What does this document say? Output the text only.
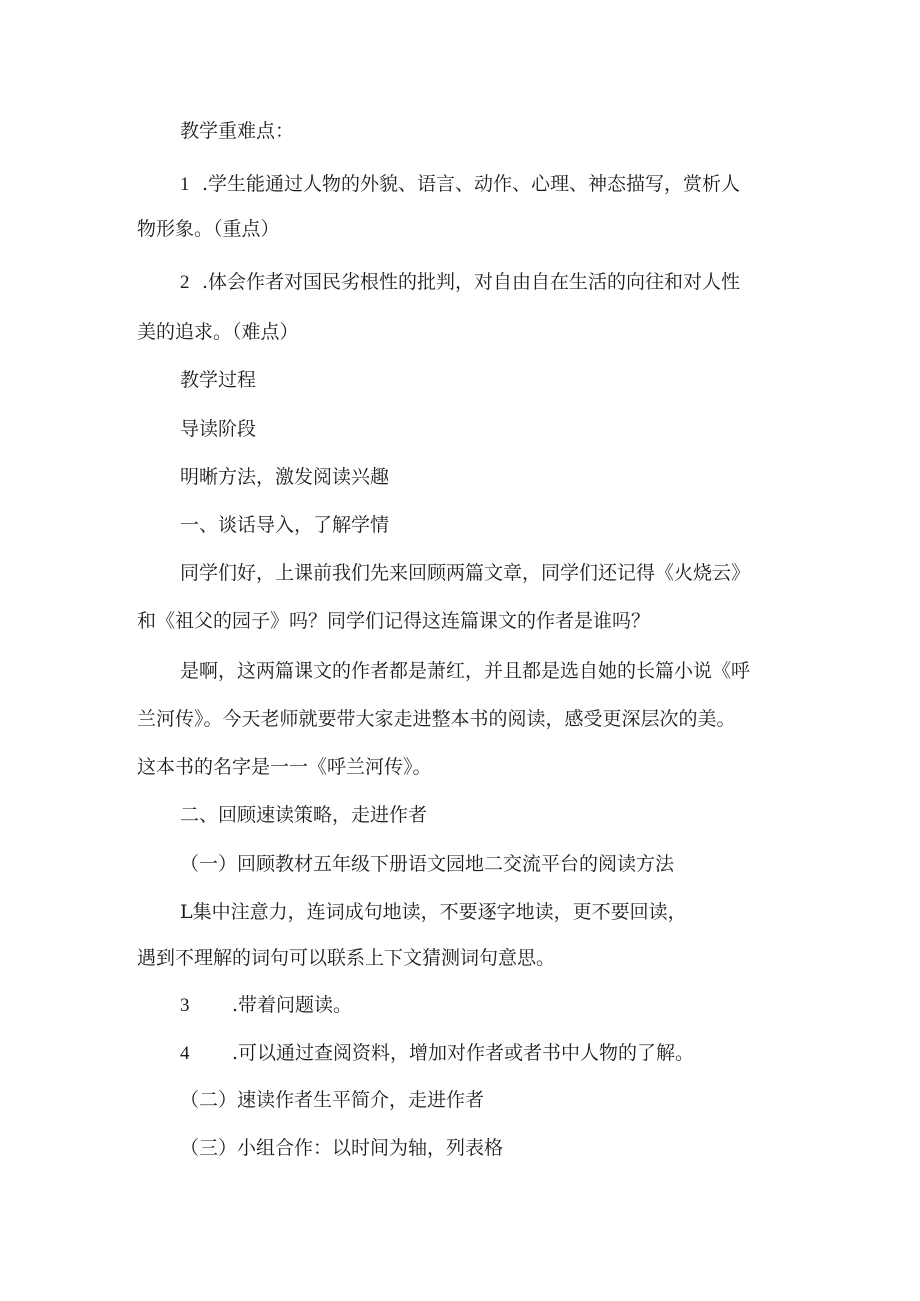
教学重难点：

1 .学生能通过人物的外貌、语言、动作、心理、神态描写，赏析人

物形象。（重点）

2 .体会作者对国民劣根性的批判，对自由自在生活的向往和对人性

美的追求。（难点）

教学过程

导读阶段

明晰方法，激发阅读兴趣

一、谈话导入，了解学情

同学们好，上课前我们先来回顾两篇文章，同学们还记得《火烧云》

和《祖父的园子》吗？同学们记得这连篇课文的作者是谁吗？

是啊，这两篇课文的作者都是萧红，并且都是选自她的长篇小说《呼

兰河传》。今天老师就要带大家走进整本书的阅读，感受更深层次的美。

这本书的名字是一一《呼兰河传》。

二、回顾速读策略，走进作者

（一）回顾教材五年级下册语文园地二交流平台的阅读方法

L集中注意力，连词成句地读，不要逐字地读，更不要回读，

遇到不理解的词句可以联系上下文猜测词句意思。

3 .带着问题读。

4 .可以通过查阅资料，增加对作者或者书中人物的了解。

（二）速读作者生平简介，走进作者

（三）小组合作：以时间为轴，列表格
